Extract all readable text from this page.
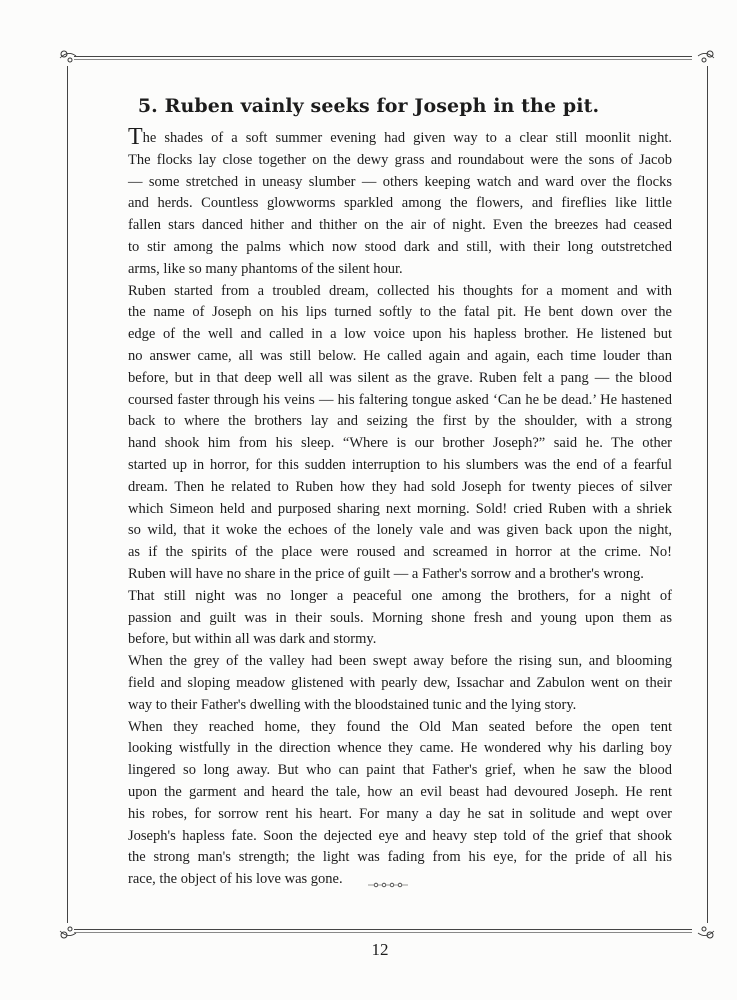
5. Ruben vainly seeks for Joseph in the pit.
The shades of a soft summer evening had given way to a clear still moonlit night.
The flocks lay close together on the dewy grass and roundabout were the sons of Jacob
— some stretched in uneasy slumber — others keeping watch and ward over the flocks
and herds. Countless glowworms sparkled among the flowers, and fireflies like little
fallen stars danced hither and thither on the air of night. Even the breezes had ceased
to stir among the palms which now stood dark and still, with their long outstretched
arms, like so many phantoms of the silent hour.
Ruben started from a troubled dream, collected his thoughts for a moment and with
the name of Joseph on his lips turned softly to the fatal pit. He bent down over the
edge of the well and called in a low voice upon his hapless brother. He listened but
no answer came, all was still below. He called again and again, each time louder than
before, but in that deep well all was silent as the grave. Ruben felt a pang — the blood
coursed faster through his veins — his faltering tongue asked ‘Can he be dead.’ He hastened
back to where the brothers lay and seizing the first by the shoulder, with a strong
hand shook him from his sleep. “Where is our brother Joseph?” said he. The other
started up in horror, for this sudden interruption to his slumbers was the end of a fearful
dream. Then he related to Ruben how they had sold Joseph for twenty pieces of silver
which Simeon held and purposed sharing next morning. Sold! cried Ruben with a shriek
so wild, that it woke the echoes of the lonely vale and was given back upon the night,
as if the spirits of the place were roused and screamed in horror at the crime. No!
Ruben will have no share in the price of guilt — a Father's sorrow and a brother's wrong.
That still night was no longer a peaceful one among the brothers, for a night of
passion and guilt was in their souls. Morning shone fresh and young upon them as
before, but within all was dark and stormy.
When the grey of the valley had been swept away before the rising sun, and blooming
field and sloping meadow glistened with pearly dew, Issachar and Zabulon went on their
way to their Father's dwelling with the bloodstained tunic and the lying story.
When they reached home, they found the Old Man seated before the open tent
looking wistfully in the direction whence they came. He wondered why his darling boy
lingered so long away. But who can paint that Father's grief, when he saw the blood
upon the garment and heard the tale, how an evil beast had devoured Joseph. He rent
his robes, for sorrow rent his heart. For many a day he sat in solitude and wept over
Joseph's hapless fate. Soon the dejected eye and heavy step told of the grief that shook
the strong man's strength; the light was fading from his eye, for the pride of all his
race, the object of his love was gone.
12
